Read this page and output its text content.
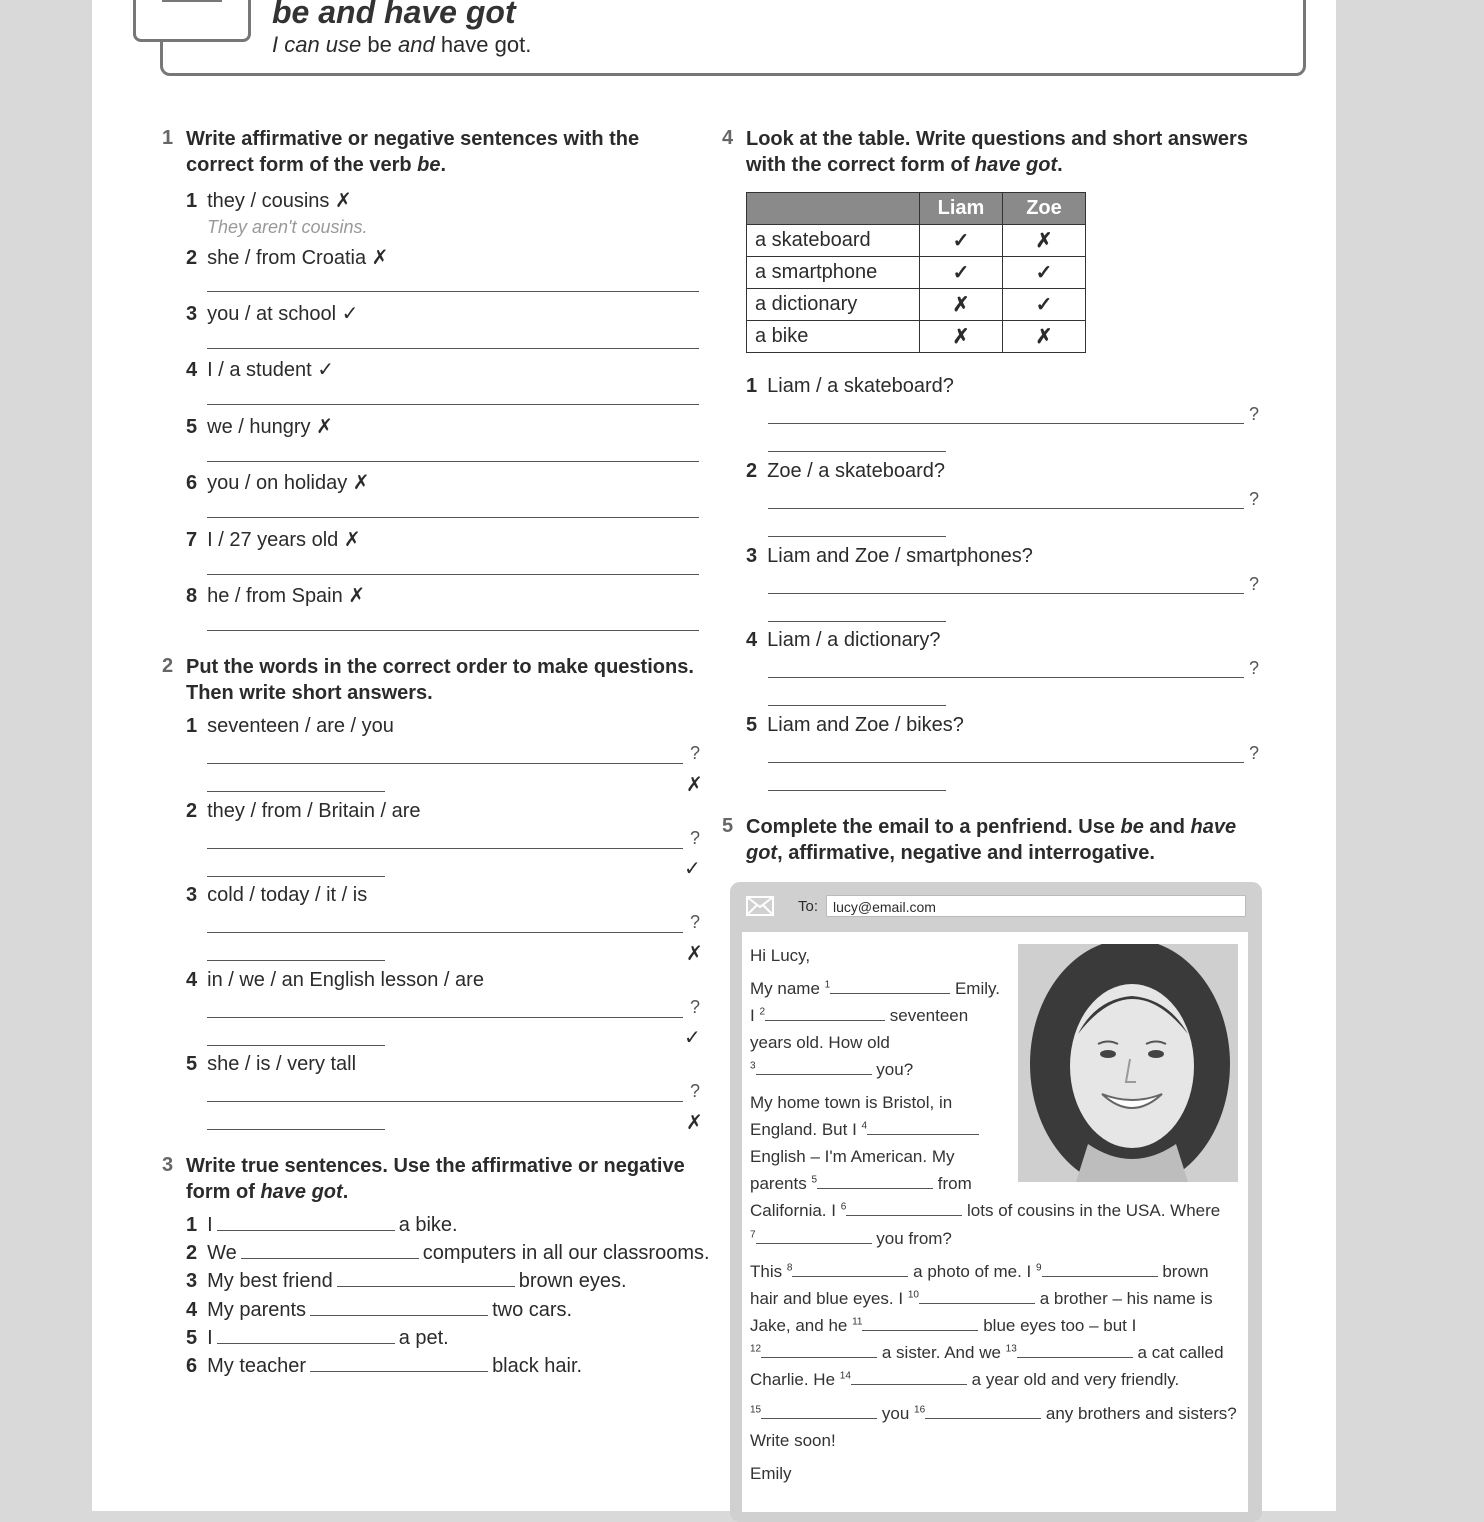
be and have got
I can use be and have got.
1 Write affirmative or negative sentences with the correct form of the verb be.
1 they / cousins ✗
They aren't cousins.
2 she / from Croatia ✗
3 you / at school ✓
4 I / a student ✓
5 we / hungry ✗
6 you / on holiday ✗
7 I / 27 years old ✗
8 he / from Spain ✗
2 Put the words in the correct order to make questions. Then write short answers.
1 seventeen / are / you
?
✗
2 they / from / Britain / are
?
✓
3 cold / today / it / is
?
✗
4 in / we / an English lesson / are
?
✓
5 she / is / very tall
?
✗
3 Write true sentences. Use the affirmative or negative form of have got.
1 I	a bike.
2 We	computers in all our classrooms.
3 My best friend	brown eyes.
4 My parents	two cars.
5 I	a pet.
6 My teacher	black hair.
4 Look at the table. Write questions and short answers with the correct form of have got.
	Liam	Zoe
a skateboard	✓	✗
a smartphone	✓	✓
a dictionary	✗	✓
a bike	✗	✗
1 Liam / a skateboard?
?
2 Zoe / a skateboard?
?
3 Liam and Zoe / smartphones?
?
4 Liam / a dictionary?
?
5 Liam and Zoe / bikes?
?
5 Complete the email to a penfriend. Use be and have got, affirmative, negative and interrogative.
To:	lucy@email.com
Hi Lucy,
My name $^1$	Emily.
I $^2$	seventeen
years old. How old
$^3$	you?
My home town is Bristol, in
England. But I $^4$
English – I'm American. My
parents $^5$	from
California. I $^6$	lots of cousins in the USA. Where
$^7$	you from?
This $^8$	a photo of me. I $^9$	brown
hair and blue eyes. I $^{10}$	a brother – his name is
Jake, and he $^{11}$	blue eyes too – but I
$^{12}$	a sister. And we $^{13}$	a cat called
Charlie. He $^{14}$	a year old and very friendly.
$^{15}$	you $^{16}$	any brothers and sisters?
Write soon!
Emily
